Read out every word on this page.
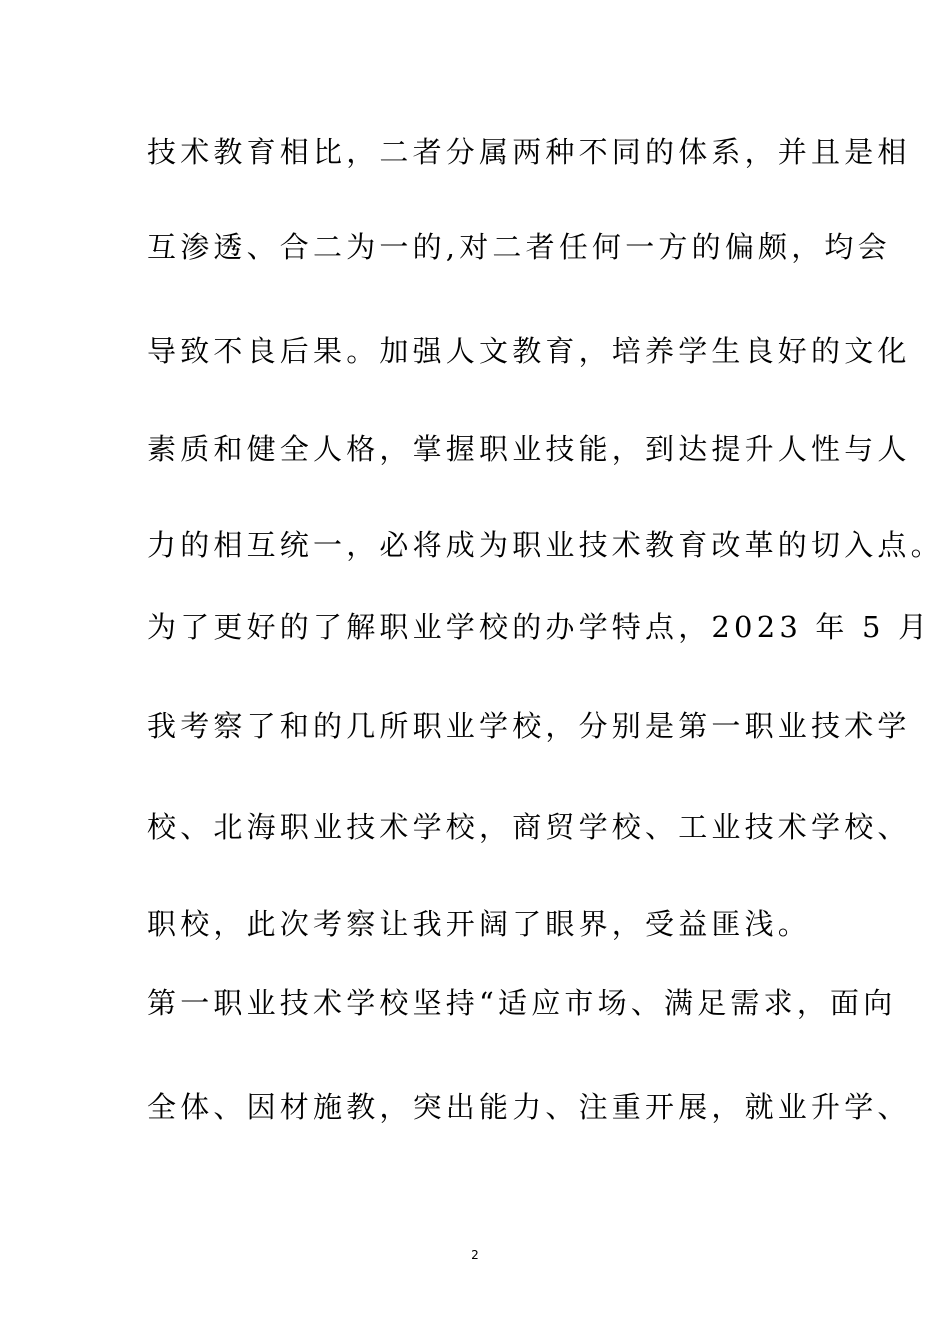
技术教育相比，二者分属两种不同的体系，并且是相
互渗透、合二为一的,对二者任何一方的偏颇，均会
导致不良后果。加强人文教育，培养学生良好的文化
素质和健全人格，掌握职业技能，到达提升人性与人
力的相互统一，必将成为职业技术教育改革的切入点。
为了更好的了解职业学校的办学特点，2023 年 5 月
我考察了和的几所职业学校，分别是第一职业技术学
校、北海职业技术学校，商贸学校、工业技术学校、
职校，此次考察让我开阔了眼界，受益匪浅。
第一职业技术学校坚持“适应市场、满足需求，面向
全体、因材施教，突出能力、注重开展，就业升学、
2
